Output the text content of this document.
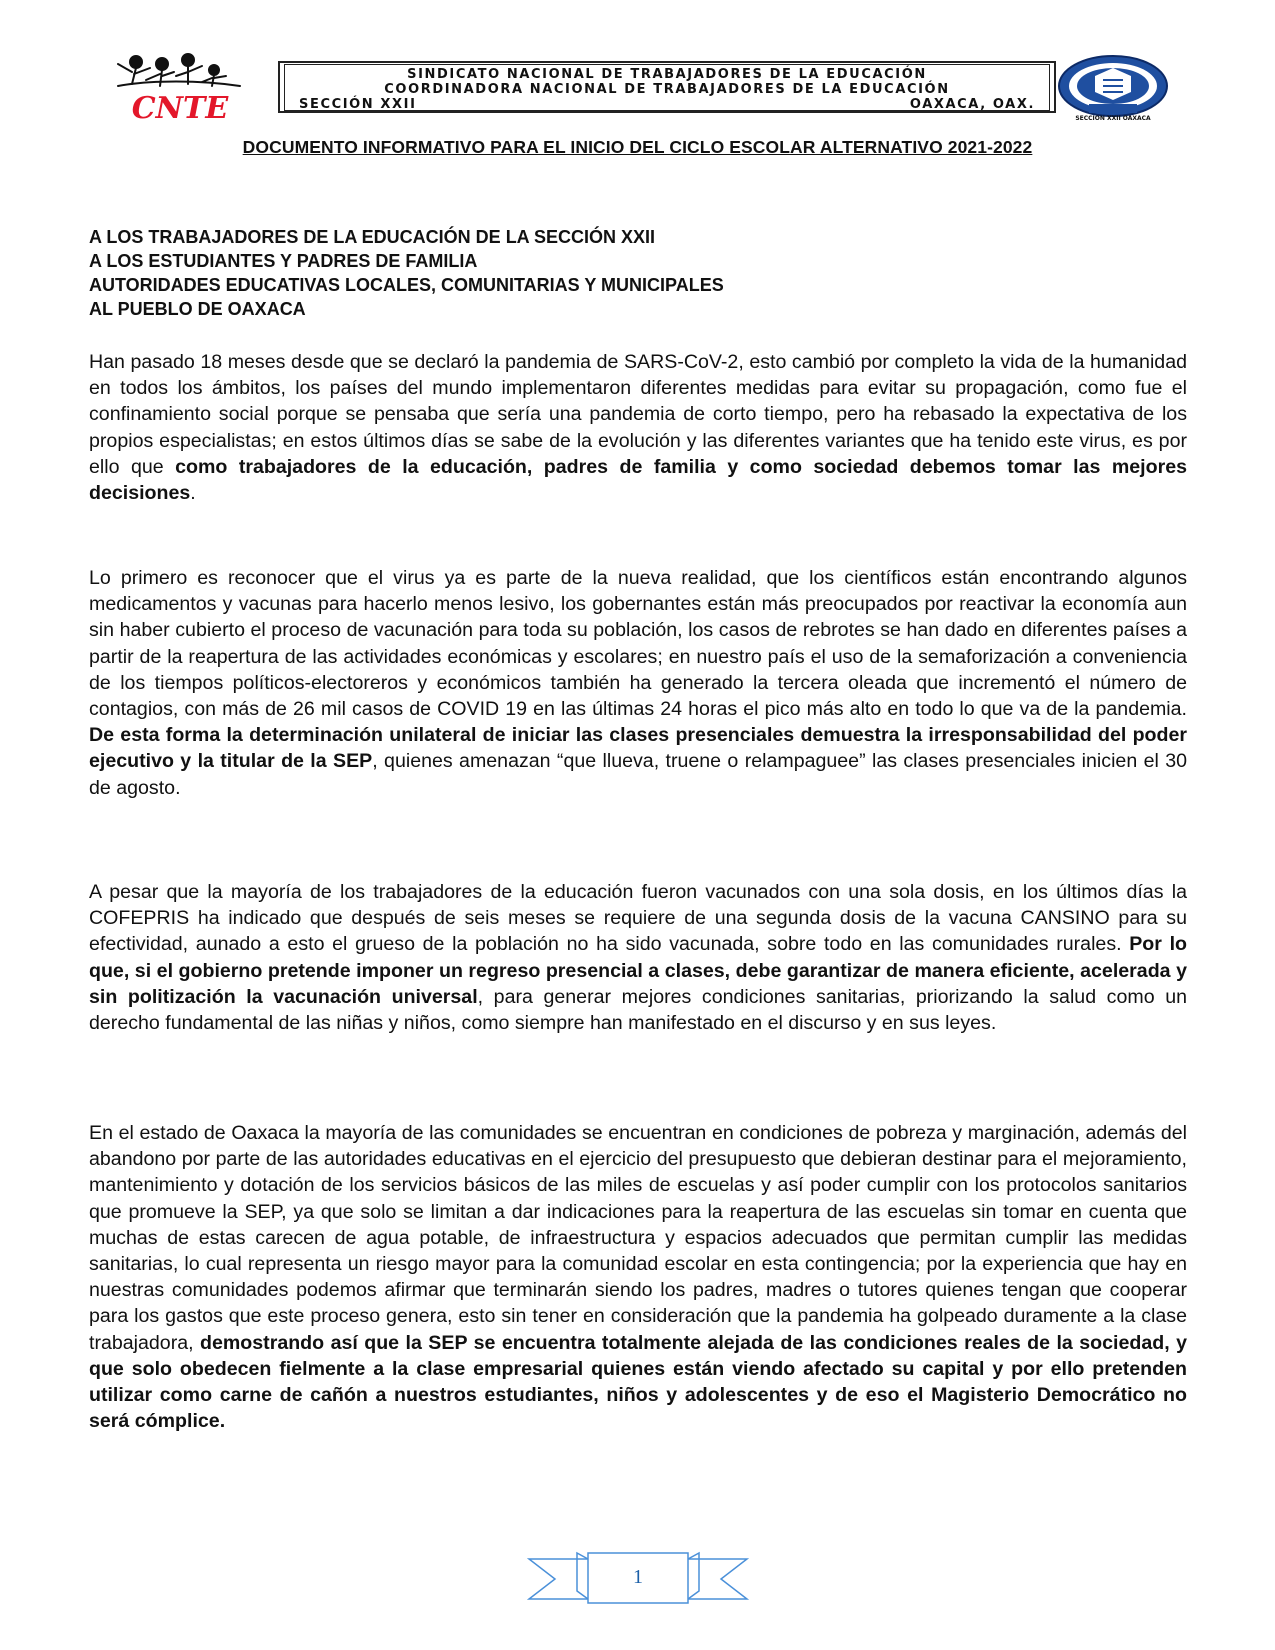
CNTE
SINDICATO NACIONAL DE TRABAJADORES DE LA EDUCACIÓN
COORDINADORA NACIONAL DE TRABAJADORES DE LA EDUCACIÓN
SECCIÓN XXII	OAXACA, OAX.
SECCION XXII OAXACA
DOCUMENTO INFORMATIVO PARA EL INICIO DEL CICLO ESCOLAR ALTERNATIVO 2021-2022
A LOS TRABAJADORES DE LA EDUCACIÓN DE LA SECCIÓN XXII
A LOS ESTUDIANTES Y PADRES DE FAMILIA
AUTORIDADES EDUCATIVAS LOCALES, COMUNITARIAS Y MUNICIPALES
AL PUEBLO DE OAXACA

Han pasado 18 meses desde que se declaró la pandemia de SARS-CoV-2, esto cambió por completo la vida de la humanidad en todos los ámbitos, los países del mundo implementaron diferentes medidas para evitar su propagación, como fue el confinamiento social porque se pensaba que sería una pandemia de corto tiempo, pero ha rebasado la expectativa de los propios especialistas; en estos últimos días se sabe de la evolución y las diferentes variantes que ha tenido este virus, es por ello que como trabajadores de la educación, padres de familia y como sociedad debemos tomar las mejores decisiones.

Lo primero es reconocer que el virus ya es parte de la nueva realidad, que los científicos están encontrando algunos medicamentos y vacunas para hacerlo menos lesivo, los gobernantes están más preocupados por reactivar la economía aun sin haber cubierto el proceso de vacunación para toda su población, los casos de rebrotes se han dado en diferentes países a partir de la reapertura de las actividades económicas y escolares; en nuestro país el uso de la semaforización a conveniencia de los tiempos políticos-electoreros y económicos también ha generado la tercera oleada que incrementó el número de contagios, con más de 26 mil casos de COVID 19 en las últimas 24 horas el pico más alto en todo lo que va de la pandemia. De esta forma la determinación unilateral de iniciar las clases presenciales demuestra la irresponsabilidad del poder ejecutivo y la titular de la SEP, quienes amenazan “que llueva, truene o relampaguee” las clases presenciales inicien el 30 de agosto.

A pesar que la mayoría de los trabajadores de la educación fueron vacunados con una sola dosis, en los últimos días la COFEPRIS ha indicado que después de seis meses se requiere de una segunda dosis de la vacuna CANSINO para su efectividad, aunado a esto el grueso de la población no ha sido vacunada, sobre todo en las comunidades rurales. Por lo que, si el gobierno pretende imponer un regreso presencial a clases, debe garantizar de manera eficiente, acelerada y sin politización la vacunación universal, para generar mejores condiciones sanitarias, priorizando la salud como un derecho fundamental de las niñas y niños, como siempre han manifestado en el discurso y en sus leyes.

En el estado de Oaxaca la mayoría de las comunidades se encuentran en condiciones de pobreza y marginación, además del abandono por parte de las autoridades educativas en el ejercicio del presupuesto que debieran destinar para el mejoramiento, mantenimiento y dotación de los servicios básicos de las miles de escuelas y así poder cumplir con los protocolos sanitarios que promueve la SEP, ya que solo se limitan a dar indicaciones para la reapertura de las escuelas sin tomar en cuenta que muchas de estas carecen de agua potable, de infraestructura y espacios adecuados que permitan cumplir las medidas sanitarias, lo cual representa un riesgo mayor para la comunidad escolar en esta contingencia; por la experiencia que hay en nuestras comunidades podemos afirmar que terminarán siendo los padres, madres o tutores quienes tengan que cooperar para los gastos que este proceso genera, esto sin tener en consideración que la pandemia ha golpeado duramente a la clase trabajadora, demostrando así que la SEP se encuentra totalmente alejada de las condiciones reales de la sociedad, y que solo obedecen fielmente a la clase empresarial quienes están viendo afectado su capital y por ello pretenden utilizar como carne de cañón a nuestros estudiantes, niños y adolescentes y de eso el Magisterio Democrático no será cómplice.

1
